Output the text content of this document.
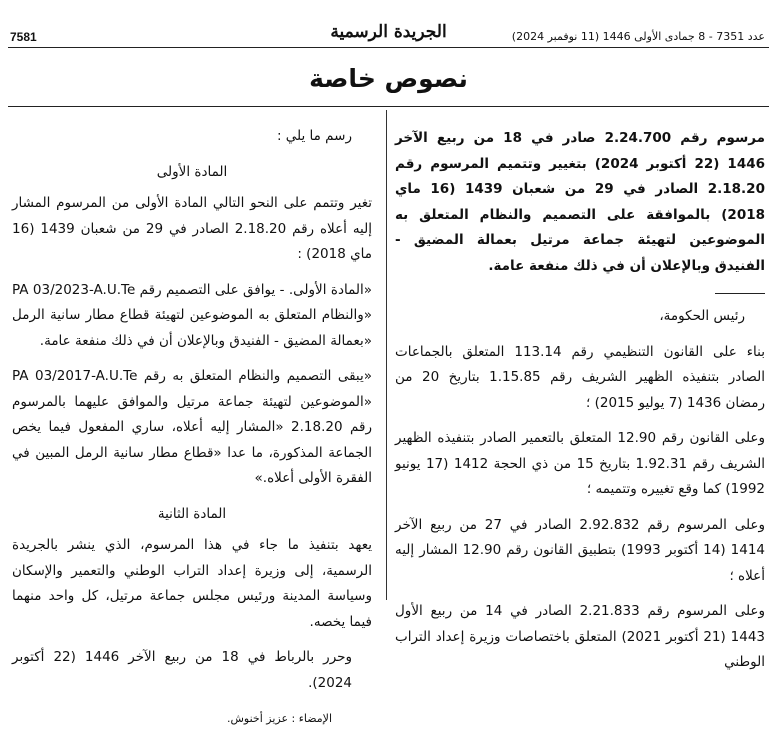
7581	الجريدة الرسمية	عدد 7351 - 8 جمادى الأولى 1446 (11 نوفمبر 2024)
نصوص خاصة

مرسوم رقم 2.24.700 صادر في 18 من ربيع الآخر 1446 (22 أكتوبر 2024) بتغيير وتتميم المرسوم رقم 2.18.20 الصادر في 29 من شعبان 1439 (16 ماي 2018) بالموافقة على التصميم والنظام المتعلق به الموضوعين لتهيئة جماعة مرتيل بعمالة المضيق - الفنيدق وبالإعلان أن في ذلك منفعة عامة.

رئيس الحكومة،

بناء على القانون التنظيمي رقم 113.14 المتعلق بالجماعات الصادر بتنفيذه الظهير الشريف رقم 1.15.85 بتاريخ 20 من رمضان 1436 (7 يوليو 2015) ؛

وعلى القانون رقم 12.90 المتعلق بالتعمير الصادر بتنفيذه الظهير الشريف رقم 1.92.31 بتاريخ 15 من ذي الحجة 1412 (17 يونيو 1992) كما وقع تغييره وتتميمه ؛

وعلى المرسوم رقم 2.92.832 الصادر في 27 من ربيع الآخر 1414 (14 أكتوبر 1993) بتطبيق القانون رقم 12.90 المشار إليه أعلاه ؛

وعلى المرسوم رقم 2.21.833 الصادر في 14 من ربيع الأول 1443 (21 أكتوبر 2021) المتعلق باختصاصات وزيرة إعداد التراب الوطني

رسم ما يلي :

المادة الأولى

تغير وتتمم على النحو التالي المادة الأولى من المرسوم المشار إليه أعلاه رقم 2.18.20 الصادر في 29 من شعبان 1439 (16 ماي 2018) :

«المادة الأولى. - يوافق على التصميم رقم PA 03/2023-A.U.Te «والنظام المتعلق به الموضوعين لتهيئة قطاع مطار سانية الرمل «بعمالة المضيق - الفنيدق وبالإعلان أن في ذلك منفعة عامة.

«يبقى التصميم والنظام المتعلق به رقم PA 03/2017-A.U.Te «الموضوعين لتهيئة جماعة مرتيل والموافق عليهما بالمرسوم رقم 2.18.20 «المشار إليه أعلاه، ساري المفعول فيما يخص الجماعة المذكورة، ما عدا «قطاع مطار سانية الرمل المبين في الفقرة الأولى أعلاه.»

المادة الثانية

يعهد بتنفيذ ما جاء في هذا المرسوم، الذي ينشر بالجريدة الرسمية، إلى وزيرة إعداد التراب الوطني والتعمير والإسكان وسياسة المدينة ورئيس مجلس جماعة مرتيل، كل واحد منهما فيما يخصه.

وحرر بالرباط في 18 من ربيع الآخر 1446 (22 أكتوبر 2024).

الإمضاء : عزيز أخنوش.
